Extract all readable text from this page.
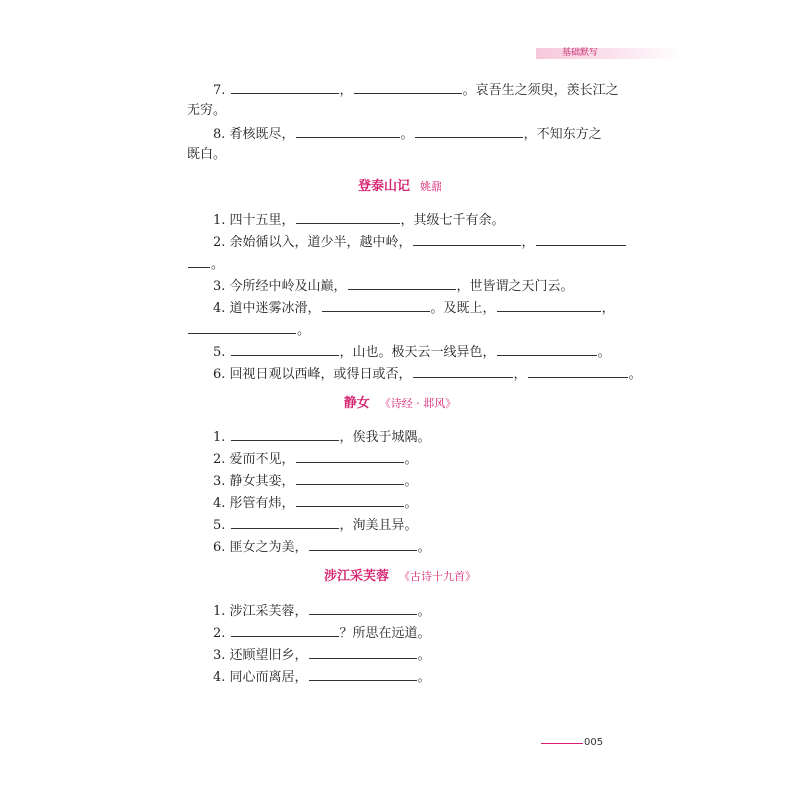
基础默写
7.	，	。哀吾生之须臾，羡长江之
无穷。
8. 肴核既尽，	。	，不知东方之
既白。
登泰山记 姚鼐
1. 四十五里，	，其级七千有余。
2. 余始循以入，道少半，越中岭，	，
。
3. 今所经中岭及山巅，	，世皆谓之天门云。
4. 道中迷雾冰滑，	。及既上，	，
。
5.	，山也。极天云一线异色，	。
6. 回视日观以西峰，或得日或否，	，	。
静女 《诗经 · 邶风》
1.	，俟我于城隅。
2. 爱而不见，	。
3. 静女其娈，	。
4. 彤管有炜，	。
5.	，洵美且异。
6. 匪女之为美，	。
涉江采芙蓉 《古诗十九首》
1. 涉江采芙蓉，	。
2.	？所思在远道。
3. 还顾望旧乡，	。
4. 同心而离居，	。
005
